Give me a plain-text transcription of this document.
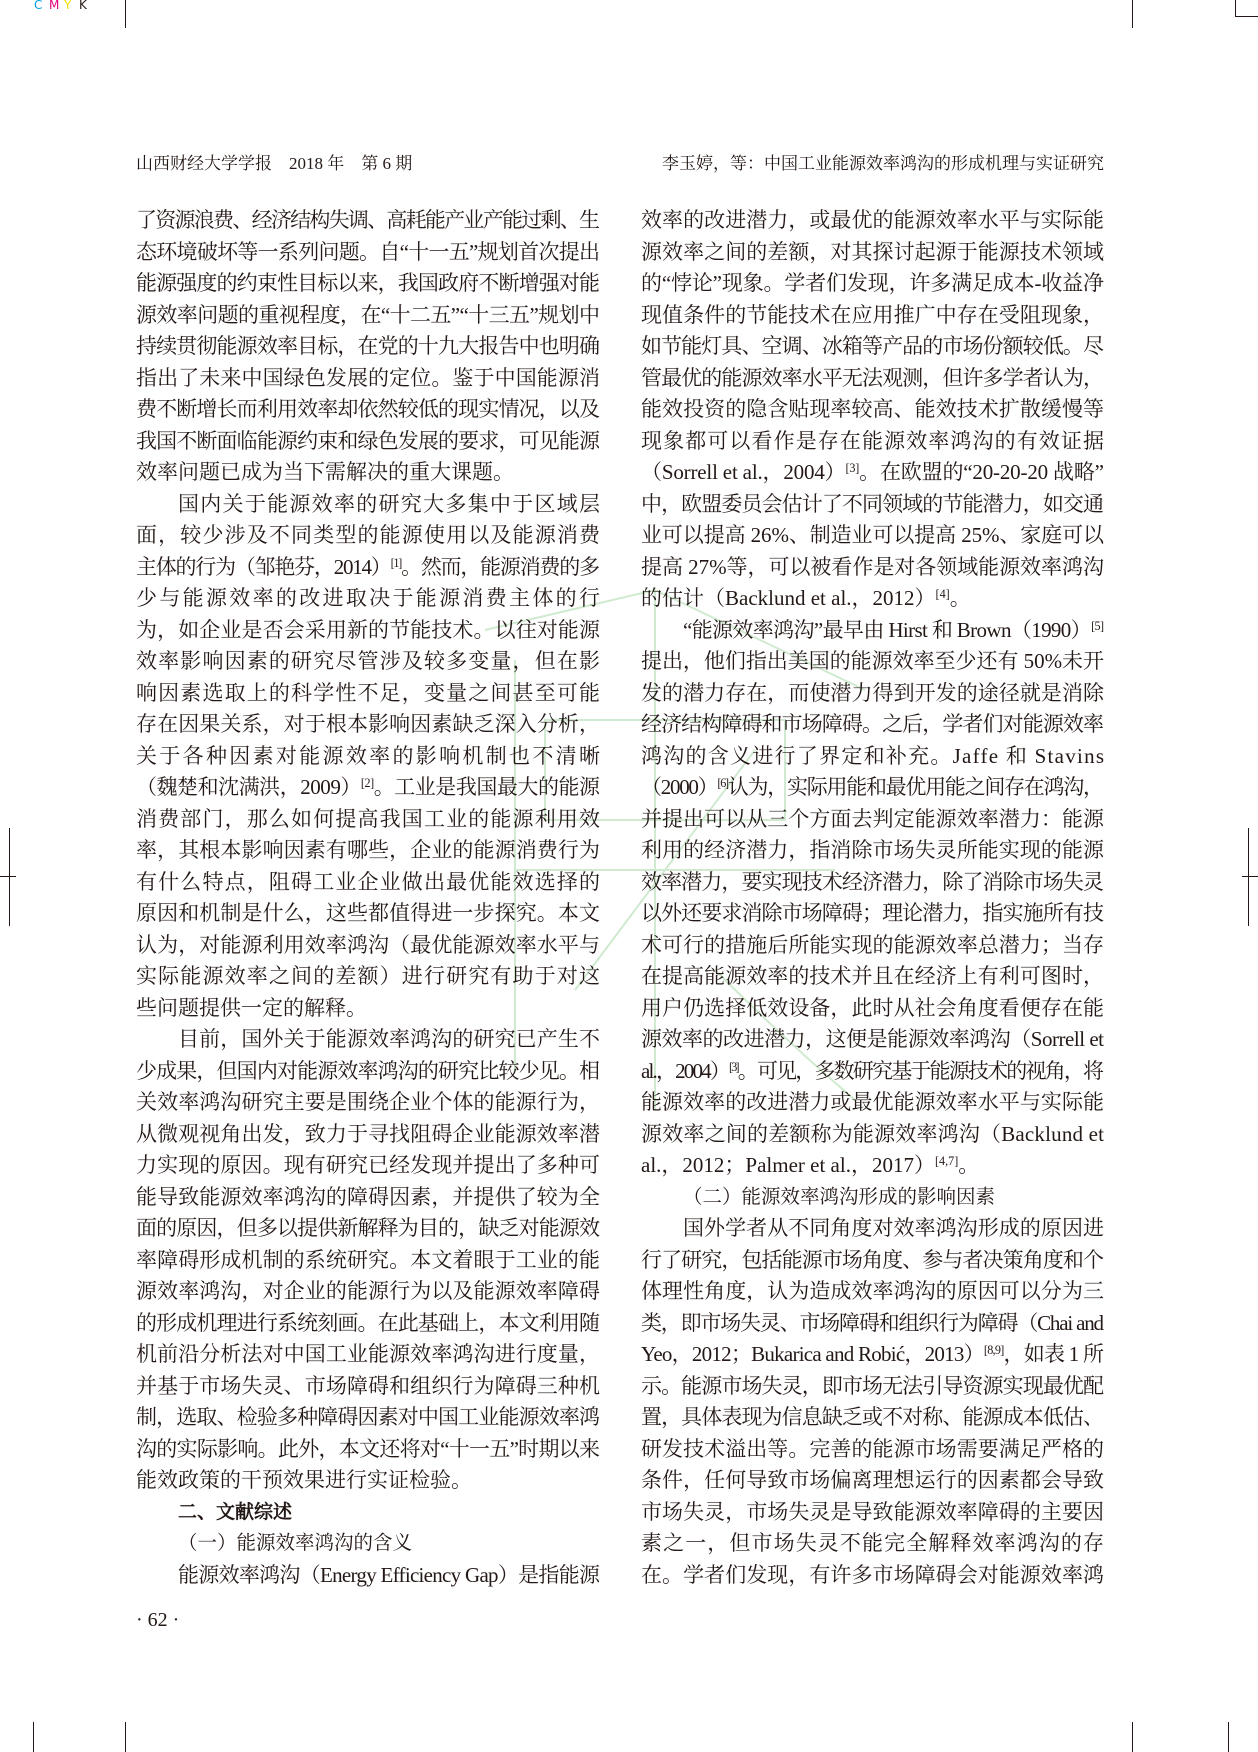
C M Y K
山西财经大学学报　2018 年　第 6 期	李玉婷，等：中国工业能源效率鸿沟的形成机理与实证研究
了资源浪费、经济结构失调、高耗能产业产能过剩、生
态环境破坏等一系列问题。自“十一五”规划首次提出
能源强度的约束性目标以来，我国政府不断增强对能
源效率问题的重视程度，在“十二五”“十三五”规划中
持续贯彻能源效率目标，在党的十九大报告中也明确
指出了未来中国绿色发展的定位。鉴于中国能源消
费不断增长而利用效率却依然较低的现实情况，以及
我国不断面临能源约束和绿色发展的要求，可见能源
效率问题已成为当下需解决的重大课题。
国内关于能源效率的研究大多集中于区域层
面，较少涉及不同类型的能源使用以及能源消费
主体的行为（邹艳芬，2014）[1]。然而，能源消费的多
少与能源效率的改进取决于能源消费主体的行
为，如企业是否会采用新的节能技术。以往对能源
效率影响因素的研究尽管涉及较多变量，但在影
响因素选取上的科学性不足，变量之间甚至可能
存在因果关系，对于根本影响因素缺乏深入分析，
关于各种因素对能源效率的影响机制也不清晰
（魏楚和沈满洪，2009）[2]。工业是我国最大的能源
消费部门，那么如何提高我国工业的能源利用效
率，其根本影响因素有哪些，企业的能源消费行为
有什么特点，阻碍工业企业做出最优能效选择的
原因和机制是什么，这些都值得进一步探究。本文
认为，对能源利用效率鸿沟（最优能源效率水平与
实际能源效率之间的差额）进行研究有助于对这
些问题提供一定的解释。
目前，国外关于能源效率鸿沟的研究已产生不
少成果，但国内对能源效率鸿沟的研究比较少见。相
关效率鸿沟研究主要是围绕企业个体的能源行为，
从微观视角出发，致力于寻找阻碍企业能源效率潜
力实现的原因。现有研究已经发现并提出了多种可
能导致能源效率鸿沟的障碍因素，并提供了较为全
面的原因，但多以提供新解释为目的，缺乏对能源效
率障碍形成机制的系统研究。本文着眼于工业的能
源效率鸿沟，对企业的能源行为以及能源效率障碍
的形成机理进行系统刻画。在此基础上，本文利用随
机前沿分析法对中国工业能源效率鸿沟进行度量，
并基于市场失灵、市场障碍和组织行为障碍三种机
制，选取、检验多种障碍因素对中国工业能源效率鸿
沟的实际影响。此外，本文还将对“十一五”时期以来
能效政策的干预效果进行实证检验。
二、文献综述
（一）能源效率鸿沟的含义
能源效率鸿沟（Energy Efficiency Gap）是指能源
效率的改进潜力，或最优的能源效率水平与实际能
源效率之间的差额，对其探讨起源于能源技术领域
的“悖论”现象。学者们发现，许多满足成本-收益净
现值条件的节能技术在应用推广中存在受阻现象，
如节能灯具、空调、冰箱等产品的市场份额较低。尽
管最优的能源效率水平无法观测，但许多学者认为，
能效投资的隐含贴现率较高、能效技术扩散缓慢等
现象都可以看作是存在能源效率鸿沟的有效证据
（Sorrell et al.，2004）[3]。在欧盟的“20-20-20 战略”
中，欧盟委员会估计了不同领域的节能潜力，如交通
业可以提高 26%、制造业可以提高 25%、家庭可以
提高 27%等，可以被看作是对各领域能源效率鸿沟
的估计（Backlund et al.，2012）[4]。
“能源效率鸿沟”最早由 Hirst 和 Brown（1990）[5]
提出，他们指出美国的能源效率至少还有 50%未开
发的潜力存在，而使潜力得到开发的途径就是消除
经济结构障碍和市场障碍。之后，学者们对能源效率
鸿沟的含义进行了界定和补充。Jaffe 和 Stavins
（2000）[6]认为，实际用能和最优用能之间存在鸿沟，
并提出可以从三个方面去判定能源效率潜力：能源
利用的经济潜力，指消除市场失灵所能实现的能源
效率潜力，要实现技术经济潜力，除了消除市场失灵
以外还要求消除市场障碍；理论潜力，指实施所有技
术可行的措施后所能实现的能源效率总潜力；当存
在提高能源效率的技术并且在经济上有利可图时，
用户仍选择低效设备，此时从社会角度看便存在能
源效率的改进潜力，这便是能源效率鸿沟（Sorrell et
al.，2004）[3]。可见，多数研究基于能源技术的视角，将
能源效率的改进潜力或最优能源效率水平与实际能
源效率之间的差额称为能源效率鸿沟（Backlund et
al.，2012；Palmer et al.，2017）[4,7]。
（二）能源效率鸿沟形成的影响因素
国外学者从不同角度对效率鸿沟形成的原因进
行了研究，包括能源市场角度、参与者决策角度和个
体理性角度，认为造成效率鸿沟的原因可以分为三
类，即市场失灵、市场障碍和组织行为障碍（Chai and
Yeo，2012；Bukarica and Robić，2013）[8,9]，如表 1 所
示。能源市场失灵，即市场无法引导资源实现最优配
置，具体表现为信息缺乏或不对称、能源成本低估、
研发技术溢出等。完善的能源市场需要满足严格的
条件，任何导致市场偏离理想运行的因素都会导致
市场失灵，市场失灵是导致能源效率障碍的主要因
素之一，但市场失灵不能完全解释效率鸿沟的存
在。学者们发现，有许多市场障碍会对能源效率鸿
· 62 ·
